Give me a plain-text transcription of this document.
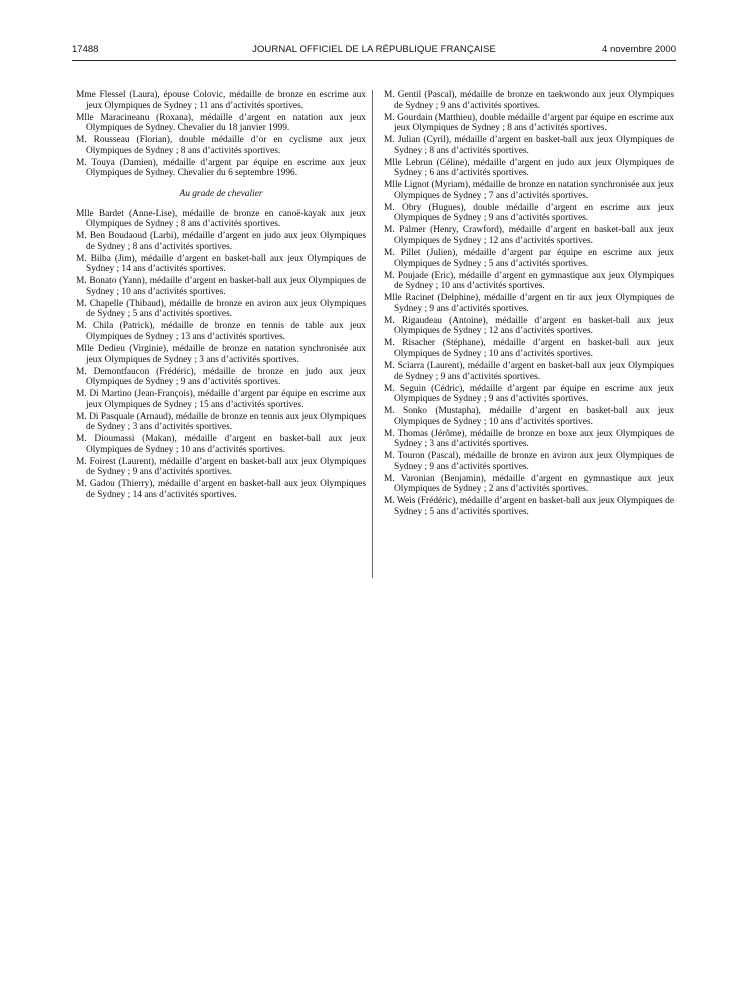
17488	JOURNAL OFFICIEL DE LA RÉPUBLIQUE FRANÇAISE	4 novembre 2000

Mme Flessel (Laura), épouse Colovic, médaille de bronze en escrime aux jeux Olympiques de Sydney ; 11 ans d’activités sportives.

Mlle Maracineanu (Roxana), médaille d’argent en natation aux jeux Olympiques de Sydney. Chevalier du 18 janvier 1999.

M. Rousseau (Florian), double médaille d’or en cyclisme aux jeux Olympiques de Sydney ; 8 ans d’activités sportives.

M. Touya (Damien), médaille d’argent par équipe en escrime aux jeux Olympiques de Sydney. Chevalier du 6 septembre 1996.

Au grade de chevalier

Mlle Bardet (Anne-Lise), médaille de bronze en canoë-kayak aux jeux Olympiques de Sydney ; 8 ans d’activités sportives.

M. Ben Boudaoud (Larbi), médaille d’argent en judo aux jeux Olympiques de Sydney ; 8 ans d’activités sportives.

M. Bilba (Jim), médaille d’argent en basket-ball aux jeux Olympiques de Sydney ; 14 ans d’activités sportives.

M. Bonato (Yann), médaille d’argent en basket-ball aux jeux Olympiques de Sydney ; 10 ans d’activités sportives.

M. Chapelle (Thibaud), médaille de bronze en aviron aux jeux Olympiques de Sydney ; 5 ans d’activités sportives.

M. Chila (Patrick), médaille de bronze en tennis de table aux jeux Olympiques de Sydney ; 13 ans d’activités sportives.

Mlle Dedieu (Virginie), médaille de bronze en natation synchronisée aux jeux Olympiques de Sydney ; 3 ans d’activités sportives.

M. Demontfaucon (Frédéric), médaille de bronze en judo aux jeux Olympiques de Sydney ; 9 ans d’activités sportives.

M. Di Martino (Jean-François), médaille d’argent par équipe en escrime aux jeux Olympiques de Sydney ; 15 ans d’activités sportives.

M. Di Pasquale (Arnaud), médaille de bronze en tennis aux jeux Olympiques de Sydney ; 3 ans d’activités sportives.

M. Dioumassi (Makan), médaille d’argent en basket-ball aux jeux Olympiques de Sydney ; 10 ans d’activités sportives.

M. Foirest (Laurent), médaille d’argent en basket-ball aux jeux Olympiques de Sydney ; 9 ans d’activités sportives.

M. Gadou (Thierry), médaille d’argent en basket-ball aux jeux Olympiques de Sydney ; 14 ans d’activités sportives.

M. Gentil (Pascal), médaille de bronze en taekwondo aux jeux Olympiques de Sydney ; 9 ans d’activités sportives.

M. Gourdain (Matthieu), double médaille d’argent par équipe en escrime aux jeux Olympiques de Sydney ; 8 ans d’activités sportives.

M. Julian (Cyril), médaille d’argent en basket-ball aux jeux Olympiques de Sydney ; 8 ans d’activités sportives.

Mlle Lebrun (Céline), médaille d’argent en judo aux jeux Olympiques de Sydney ; 6 ans d’activités sportives.

Mlle Lignot (Myriam), médaille de bronze en natation synchronisée aux jeux Olympiques de Sydney ; 7 ans d’activités sportives.

M. Obry (Hugues), double médaille d’argent en escrime aux jeux Olympiques de Sydney ; 9 ans d’activités sportives.

M. Palmer (Henry, Crawford), médaille d’argent en basket-ball aux jeux Olympiques de Sydney ; 12 ans d’activités sportives.

M. Pillet (Julien), médaille d’argent par équipe en escrime aux jeux Olympiques de Sydney ; 5 ans d’activités sportives.

M. Poujade (Eric), médaille d’argent en gymnastique aux jeux Olympiques de Sydney ; 10 ans d’activités sportives.

Mlle Racinet (Delphine), médaille d’argent en tir aux jeux Olympiques de Sydney ; 9 ans d’activités sportives.

M. Rigaudeau (Antoine), médaille d’argent en basket-ball aux jeux Olympiques de Sydney ; 12 ans d’activités sportives.

M. Risacher (Stéphane), médaille d’argent en basket-ball aux jeux Olympiques de Sydney ; 10 ans d’activités sportives.

M. Sciarra (Laurent), médaille d’argent en basket-ball aux jeux Olympiques de Sydney ; 9 ans d’activités sportives.

M. Seguin (Cédric), médaille d’argent par équipe en escrime aux jeux Olympiques de Sydney ; 9 ans d’activités sportives.

M. Sonko (Mustapha), médaille d’argent en basket-ball aux jeux Olympiques de Sydney ; 10 ans d’activités sportives.

M. Thomas (Jérôme), médaille de bronze en boxe aux jeux Olympiques de Sydney ; 3 ans d’activités sportives.

M. Touron (Pascal), médaille de bronze en aviron aux jeux Olympiques de Sydney ; 9 ans d’activités sportives.

M. Varonian (Benjamin), médaille d’argent en gymnastique aux jeux Olympiques de Sydney ; 2 ans d’activités sportives.

M. Weis (Frédéric), médaille d’argent en basket-ball aux jeux Olympiques de Sydney ; 5 ans d’activités sportives.
